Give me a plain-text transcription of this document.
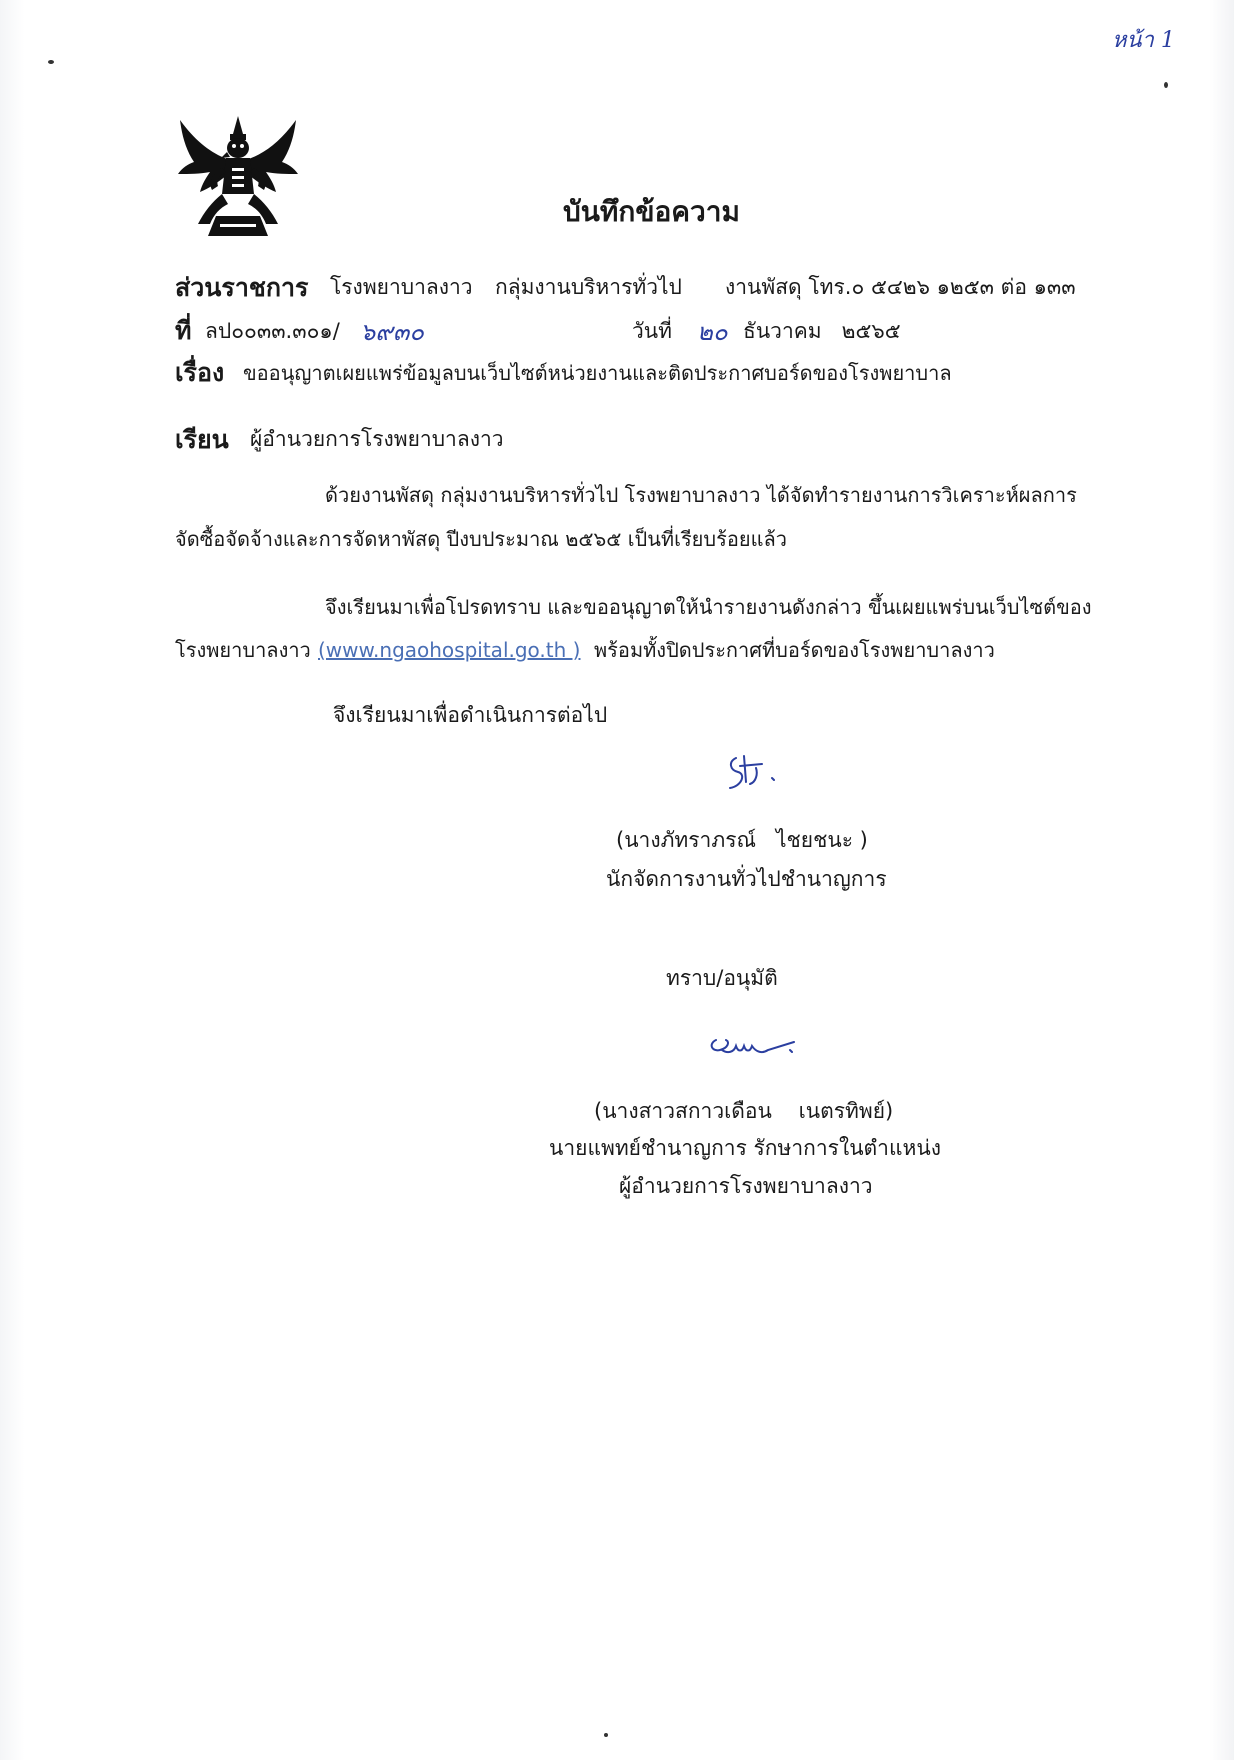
หน้า 1
บันทึกข้อความ
ส่วนราชการ โรงพยาบาลงาว กลุ่มงานบริหารทั่วไป งานพัสดุ โทร.๐ ๕๔๒๖ ๑๒๕๓ ต่อ ๑๓๓
ที่ ลป๐๐๓๓.๓๐๑/ ๖๙๓๐	วันที่ ๒๐ ธันวาคม   ๒๕๖๕
เรื่อง ขออนุญาตเผยแพร่ข้อมูลบนเว็บไซต์หน่วยงานและติดประกาศบอร์ดของโรงพยาบาล
เรียน ผู้อำนวยการโรงพยาบาลงาว
ด้วยงานพัสดุ กลุ่มงานบริหารทั่วไป โรงพยาบาลงาว ได้จัดทำรายงานการวิเคราะห์ผลการ
จัดซื้อจัดจ้างและการจัดหาพัสดุ ปีงบประมาณ ๒๕๖๕ เป็นที่เรียบร้อยแล้ว
จึงเรียนมาเพื่อโปรดทราบ และขออนุญาตให้นำรายงานดังกล่าว ขึ้นเผยแพร่บนเว็บไซต์ของ
โรงพยาบาลงาว (www.ngaohospital.go.th ) พร้อมทั้งปิดประกาศที่บอร์ดของโรงพยาบาลงาว
จึงเรียนมาเพื่อดำเนินการต่อไป
(นางภัทราภรณ์   ไชยชนะ )
นักจัดการงานทั่วไปชำนาญการ
ทราบ/อนุมัติ
(นางสาวสกาวเดือน    เนตรทิพย์)
นายแพทย์ชำนาญการ รักษาการในตำแหน่ง
ผู้อำนวยการโรงพยาบาลงาว
